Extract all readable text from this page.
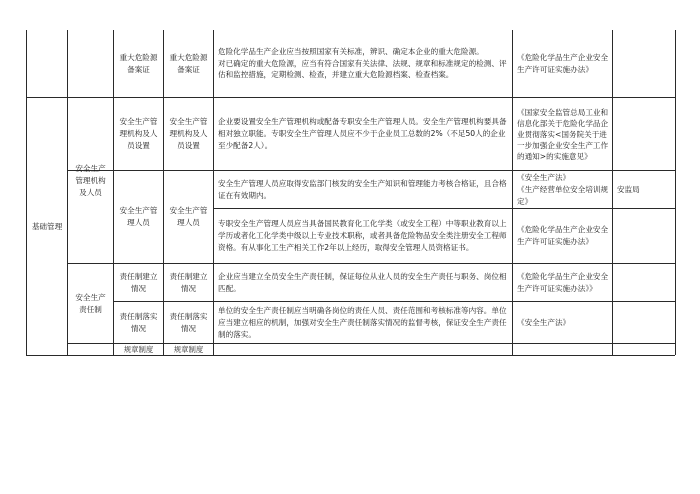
重大危险源
备案证
重大危险源
备案证
危险化学品生产企业应当按照国家有关标准，辨识、确定本企业的重大危险源。
对已确定的重大危险源，应当有符合国家有关法律、法规、规章和标准规定的检测、评估和监控措施，定期检测、检查，并建立重大危险源档案、检查档案。
《危险化学品生产企业安全生产许可证实施办法》
基础管理
安全生产
管理机构
及人员
安全生产管
理机构及人
员设置
安全生产管
理机构及人
员设置
企业要设置安全生产管理机构或配备专职安全生产管理人员。安全生产管理机构要具备相对独立职能。专职安全生产管理人员应不少于企业员工总数的2%（不足50人的企业至少配备2人）。
《国家安全监管总局工业和信息化部关于危险化学品企业贯彻落实<国务院关于进一步加强企业安全生产工作的通知>的实施意见》
安全生产管
理人员
安全生产管
理人员
安全生产管理人员应取得安监部门核发的安全生产知识和管理能力考核合格证，且合格证在有效期内。
《安全生产法》
《生产经营单位安全培训规定》
安监局
专职安全生产管理人员应当具备国民教育化工化学类（或安全工程）中等职业教育以上学历或者化工化学类中级以上专业技术职称，或者具备危险物品安全类注册安全工程师资格。有从事化工生产相关工作2年以上经历，取得安全管理人员资格证书。
《危险化学品生产企业安全生产许可证实施办法》
安全生产
责任制
责任制建立
情况
责任制建立
情况
企业应当建立全员安全生产责任制，保证每位从业人员的安全生产责任与职务、岗位相匹配。
《危险化学品生产企业安全生产许可证实施办法》》
责任制落实
情况
责任制落实
情况
单位的安全生产责任制应当明确各岗位的责任人员、责任范围和考核标准等内容。单位应当建立相应的机制，加强对安全生产责任制落实情况的监督考核，保证安全生产责任制的落实。
《安全生产法》
规章制度	规章制度
